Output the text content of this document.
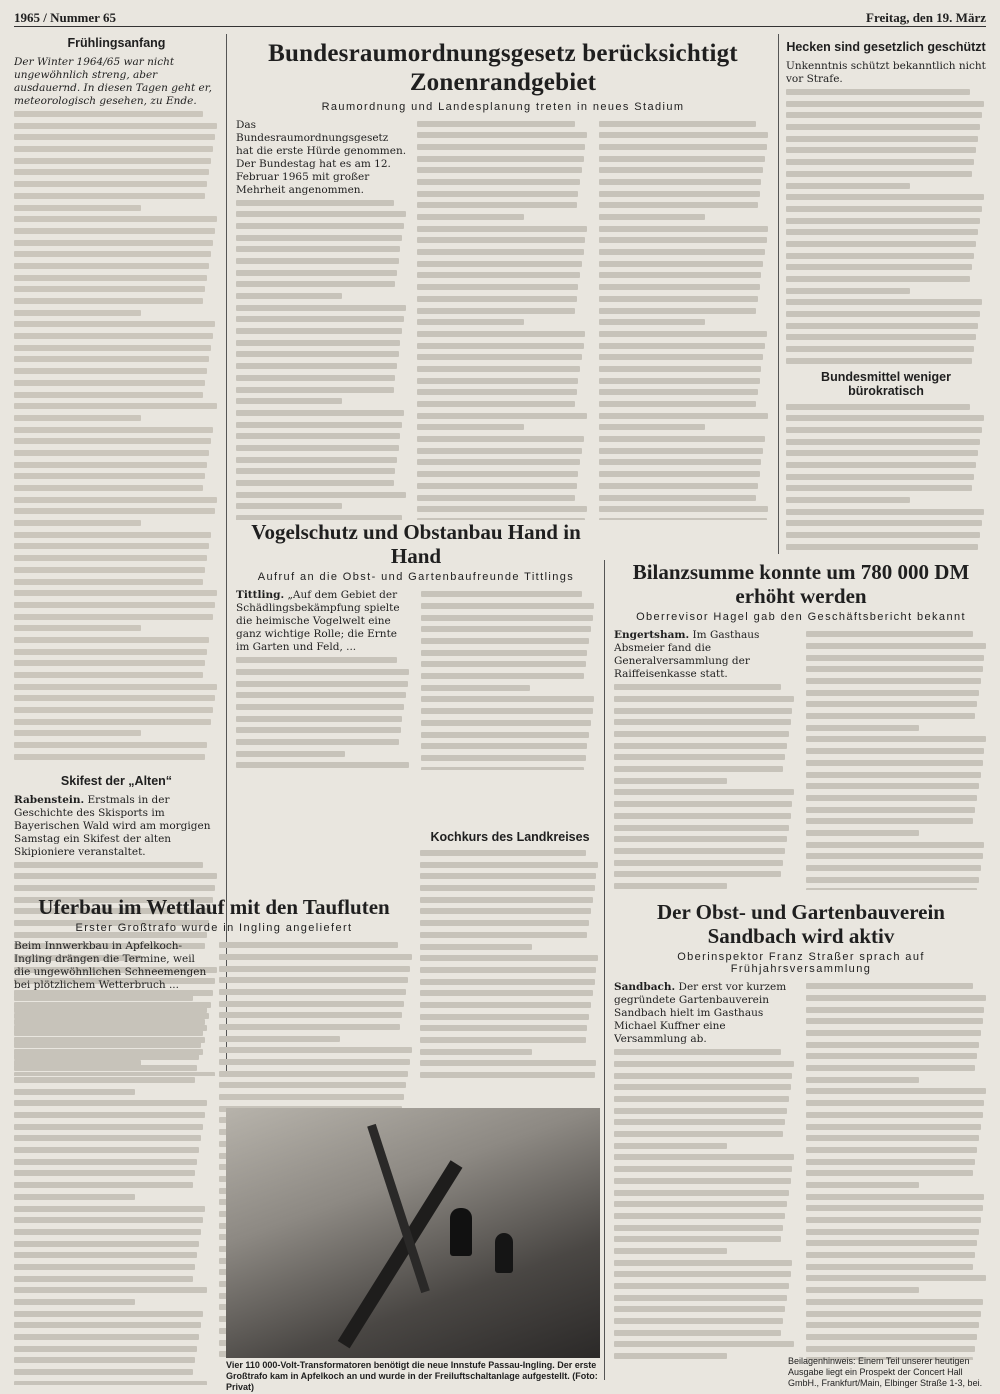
1965 / Nummer 65	Freitag, den 19. März
Frühlingsanfang

Der Winter 1964/65 war nicht ungewöhnlich streng, aber ausdauernd. In diesen Tagen geht er, meteorologisch gesehen, zu Ende.

Skifest der „Alten“

Rabenstein. Erstmals in der Geschichte des Skisports im Bayerischen Wald wird am morgigen Samstag ein Skifest der alten Skipioniere veranstaltet.

Bundesraumordnungsgesetz berücksichtigt Zonenrandgebiet
Raumordnung und Landesplanung treten in neues Stadium

Das Bundesraumordnungsgesetz hat die erste Hürde genommen. Der Bundestag hat es am 12. Februar 1965 mit großer Mehrheit angenommen.

Vogelschutz und Obstanbau Hand in Hand
Aufruf an die Obst- und Gartenbaufreunde Tittlings

Tittling. „Auf dem Gebiet der Schädlingsbekämpfung spielte die heimische Vogelwelt eine ganz wichtige Rolle; die Ernte im Garten und Feld, ...

Kochkurs des Landkreises

Uferbau im Wettlauf mit den Taufluten
Erster Großtrafo wurde in Ingling angeliefert

Beim Innwerkbau in Apfelkoch-Ingling drängen die Termine, weil die ungewöhnlichen Schneemengen bei plötzlichem Wetterbruch ...

Vier 110 000-Volt-Transformatoren benötigt die neue Innstufe Passau-Ingling. Der erste Großtrafo kam in Apfelkoch an und wurde in der Freiluftschaltanlage aufgestellt. (Foto: Privat)
Hecken sind gesetzlich geschützt

Unkenntnis schützt bekanntlich nicht vor Strafe.

Bundesmittel weniger bürokratisch
Bilanzsumme konnte um 780 000 DM erhöht werden
Oberrevisor Hagel gab den Geschäftsbericht bekannt

Engertsham. Im Gasthaus Absmeier fand die Generalversammlung der Raiffeisenkasse statt.

Der Obst- und Gartenbauverein Sandbach wird aktiv
Oberinspektor Franz Straßer sprach auf Frühjahrsversammlung

Sandbach. Der erst vor kurzem gegründete Gartenbauverein Sandbach hielt im Gasthaus Michael Kuffner eine Versammlung ab.

Beilagenhinweis: Einem Teil unserer heutigen Ausgabe liegt ein Prospekt der Concert Hall GmbH., Frankfurt/Main, Elbinger Straße 1-3, bei.
